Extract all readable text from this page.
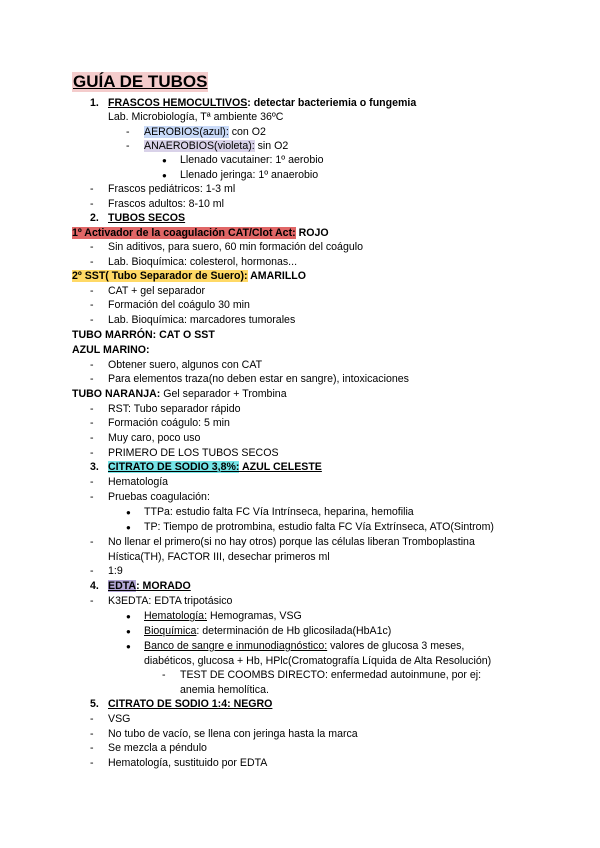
GUÍA DE TUBOS
1. FRASCOS HEMOCULTIVOS: detectar bacteriemia o fungemia
Lab. Microbiología, Tª ambiente 36ºC
-
AEROBIOS(azul): con O2
-
ANAEROBIOS(violeta): sin O2
●
Llenado vacutainer: 1º aerobio
●
Llenado jeringa: 1º anaerobio
-
Frascos pediátricos: 1-3 ml
-
Frascos adultos: 8-10 ml
2. TUBOS SECOS
1º Activador de la coagulación CAT/Clot Act: ROJO
-
Sin aditivos, para suero, 60 min formación del coágulo
-
Lab. Bioquímica: colesterol, hormonas...
2º SST( Tubo Separador de Suero): AMARILLO
-
CAT + gel separador
-
Formación del coágulo 30 min
-
Lab. Bioquímica: marcadores tumorales
TUBO MARRÓN: CAT O SST
AZUL MARINO:
-
Obtener suero, algunos con CAT
-
Para elementos traza(no deben estar en sangre), intoxicaciones
TUBO NARANJA: Gel separador + Trombina
-
RST: Tubo separador rápido
-
Formación coágulo: 5 min
-
Muy caro, poco uso
-
PRIMERO DE LOS TUBOS SECOS
3. CITRATO DE SODIO 3,8%: AZUL CELESTE
-
Hematología
-
Pruebas coagulación:
●
TTPa: estudio falta FC Vía Intrínseca, heparina, hemofilia
●
TP: Tiempo de protrombina, estudio falta FC Vía Extrínseca, ATO(Sintrom)
-
No llenar el primero(si no hay otros) porque las células liberan Tromboplastina
Hística(TH), FACTOR III, desechar primeros ml
-
1:9
4. EDTA: MORADO
-
K3EDTA: EDTA tripotásico
●
Hematología: Hemogramas, VSG
●
Bioquímica: determinación de Hb glicosilada(HbA1c)
●
Banco de sangre e inmunodiagnóstico: valores de glucosa 3 meses,
diabéticos, glucosa + Hb, HPlc(Cromatografía Líquida de Alta Resolución)
-
TEST DE COOMBS DIRECTO: enfermedad autoinmune, por ej:
anemia hemolítica.
5. CITRATO DE SODIO 1:4: NEGRO
-
VSG
-
No tubo de vacío, se llena con jeringa hasta la marca
-
Se mezcla a péndulo
-
Hematología, sustituido por EDTA
